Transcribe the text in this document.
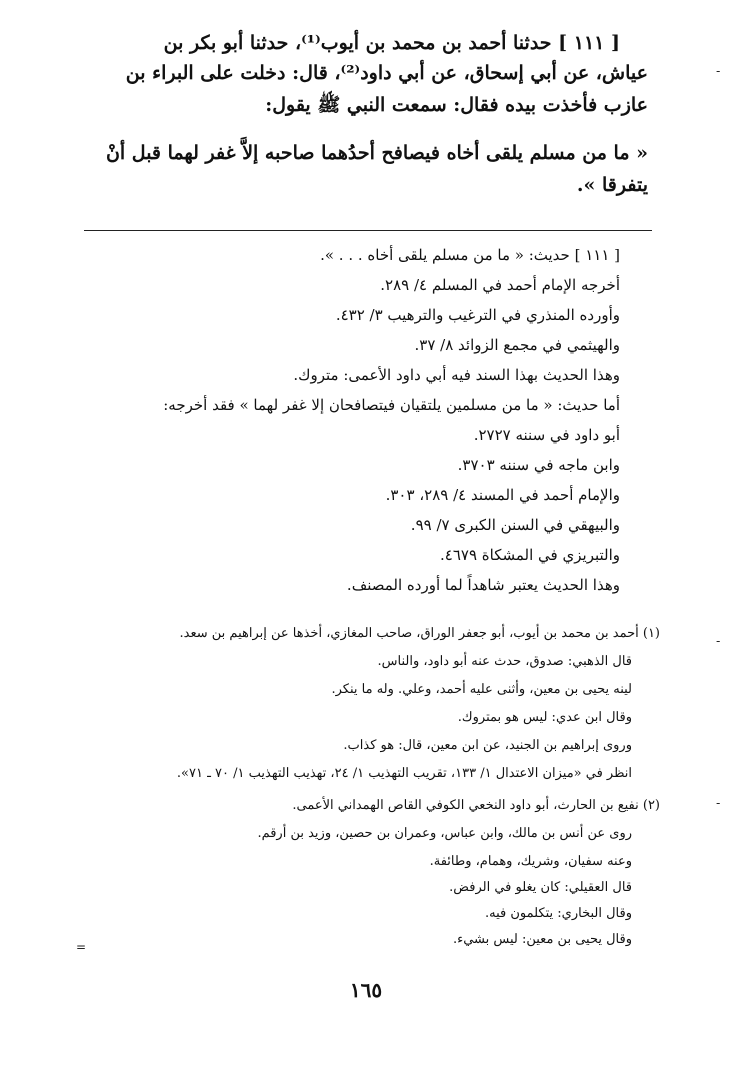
[ ١١١ ] حدثنا أحمد بن محمد بن أيوب⁽¹⁾، حدثنا أبو بكر بن

عياش، عن أبي إسحاق، عن أبي داود⁽²⁾، قال: دخلت على البراء بن

عازب فأخذت بيده فقال: سمعت النبي ﷺ يقول:

« ما من مسلم يلقى أخاه فيصافح أحدُهما صاحبه إلاَّ غفر لهما قبل أنْ

يتفرقا ».

[ ١١١ ] حديث: « ما من مسلم يلقى أخاه . . . ».

أخرجه الإمام أحمد في المسلم ٤/ ٢٨٩.

وأورده المنذري في الترغيب والترهيب ٣/ ٤٣٢.

والهيثمي في مجمع الزوائد ٨/ ٣٧.

وهذا الحديث بهذا السند فيه أبي داود الأعمى: متروك.

أما حديث: « ما من مسلمين يلتقيان فيتصافحان إلا غفر لهما » فقد أخرجه:

أبو داود في سننه ٢٧٢٧.

وابن ماجه في سننه ٣٧٠٣.

والإمام أحمد في المسند ٤/ ٢٨٩، ٣٠٣.

والبيهقي في السنن الكبرى ٧/ ٩٩.

والتبريزي في المشكاة ٤٦٧٩.

وهذا الحديث يعتبر شاهداً لما أورده المصنف.

(١) أحمد بن محمد بن أيوب، أبو جعفر الوراق، صاحب المغازي، أخذها عن إبراهيم بن سعد.

قال الذهبي: صدوق، حدث عنه أبو داود، والناس.

لينه يحيى بن معين، وأثنى عليه أحمد، وعلي. وله ما ينكر.

وقال ابن عدي: ليس هو بمتروك.

وروى إبراهيم بن الجنيد، عن ابن معين، قال: هو كذاب.

انظر في «ميزان الاعتدال ١/ ١٣٣، تقريب التهذيب ١/ ٢٤، تهذيب التهذيب ١/ ٧٠ ـ ٧١».

(٢) نفيع بن الحارث، أبو داود النخعي الكوفي القاص الهمداني الأعمى.

روى عن أنس بن مالك، وابن عباس، وعمران بن حصين، وزيد بن أرقم.

وعنه سفيان، وشريك، وهمام، وطائفة.

قال العقيلي: كان يغلو في الرفض.

وقال البخاري: يتكلمون فيه.

وقال يحيى بن معين: ليس بشيء.

-
-
-
=
١٦٥
